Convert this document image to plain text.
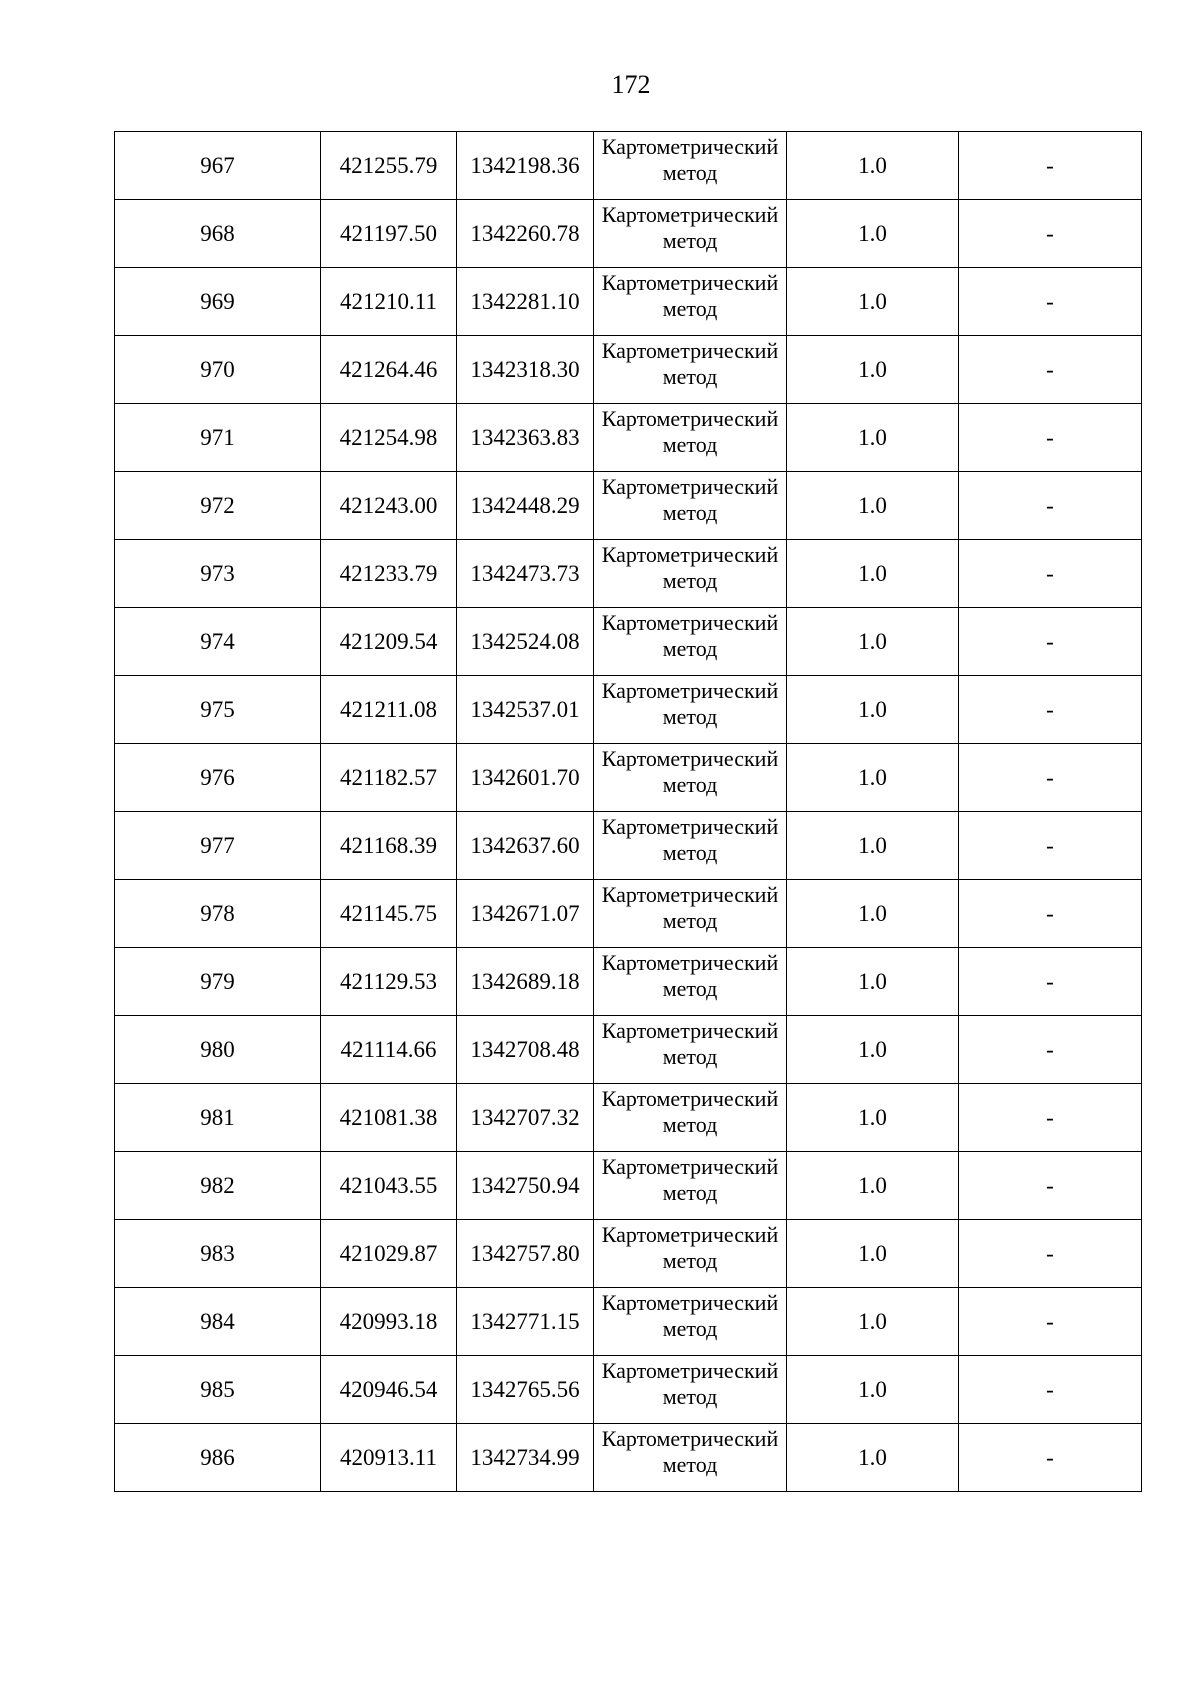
172
967	421255.79	1342198.36	Картометрический
метод	1.0	-
968	421197.50	1342260.78	Картометрический
метод	1.0	-
969	421210.11	1342281.10	Картометрический
метод	1.0	-
970	421264.46	1342318.30	Картометрический
метод	1.0	-
971	421254.98	1342363.83	Картометрический
метод	1.0	-
972	421243.00	1342448.29	Картометрический
метод	1.0	-
973	421233.79	1342473.73	Картометрический
метод	1.0	-
974	421209.54	1342524.08	Картометрический
метод	1.0	-
975	421211.08	1342537.01	Картометрический
метод	1.0	-
976	421182.57	1342601.70	Картометрический
метод	1.0	-
977	421168.39	1342637.60	Картометрический
метод	1.0	-
978	421145.75	1342671.07	Картометрический
метод	1.0	-
979	421129.53	1342689.18	Картометрический
метод	1.0	-
980	421114.66	1342708.48	Картометрический
метод	1.0	-
981	421081.38	1342707.32	Картометрический
метод	1.0	-
982	421043.55	1342750.94	Картометрический
метод	1.0	-
983	421029.87	1342757.80	Картометрический
метод	1.0	-
984	420993.18	1342771.15	Картометрический
метод	1.0	-
985	420946.54	1342765.56	Картометрический
метод	1.0	-
986	420913.11	1342734.99	Картометрический
метод	1.0	-
